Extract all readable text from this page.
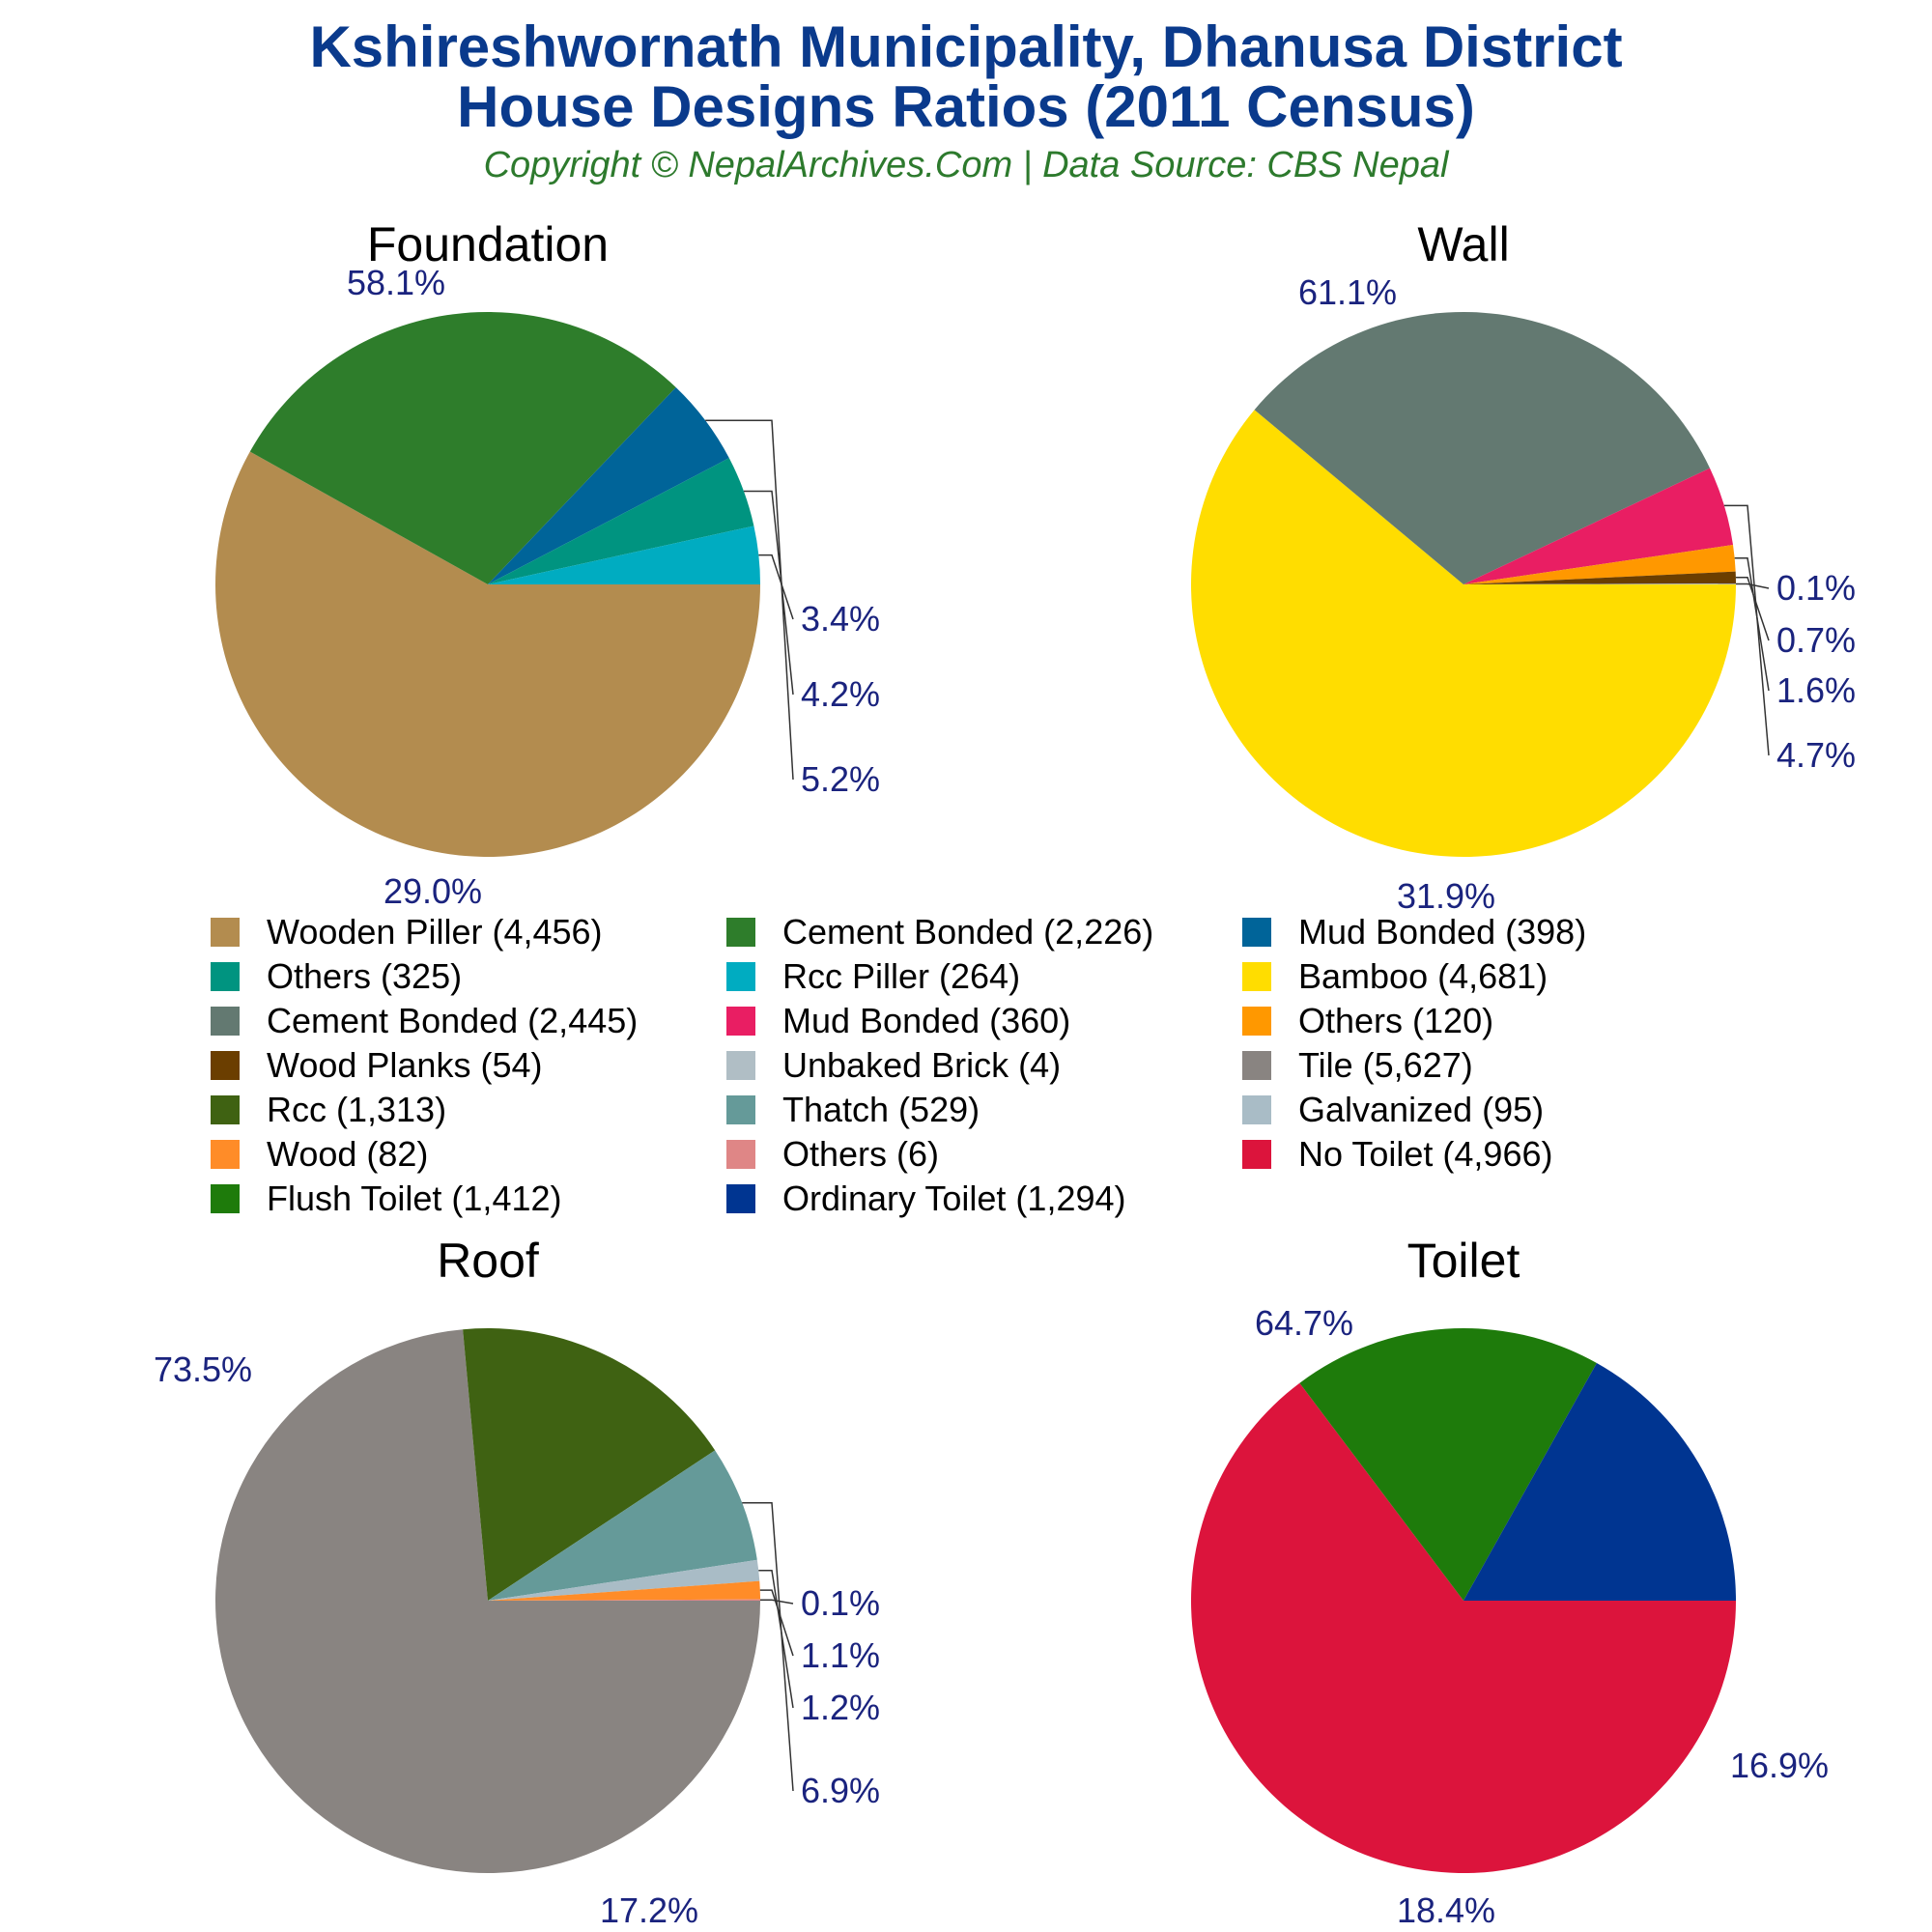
Kshireshwornath Municipality, Dhanusa District
House Designs Ratios (2011 Census)
Copyright © NepalArchives.Com | Data Source: CBS Nepal
58.1%
29.0%
5.2%
4.2%
3.4%
Foundation
61.1%
31.9%
4.7%
1.6%
0.7%
0.1%
Wall
73.5%
17.2%
6.9%
1.2%
1.1%
0.1%
Roof
64.7%
18.4%
16.9%
Toilet
Wooden Piller (4,456)	Cement Bonded (2,226)	Mud Bonded (398)
Others (325)	Rcc Piller (264)	Bamboo (4,681)
Cement Bonded (2,445)	Mud Bonded (360)	Others (120)
Wood Planks (54)	Unbaked Brick (4)	Tile (5,627)
Rcc (1,313)	Thatch (529)	Galvanized (95)
Wood (82)	Others (6)	No Toilet (4,966)
Flush Toilet (1,412)	Ordinary Toilet (1,294)
